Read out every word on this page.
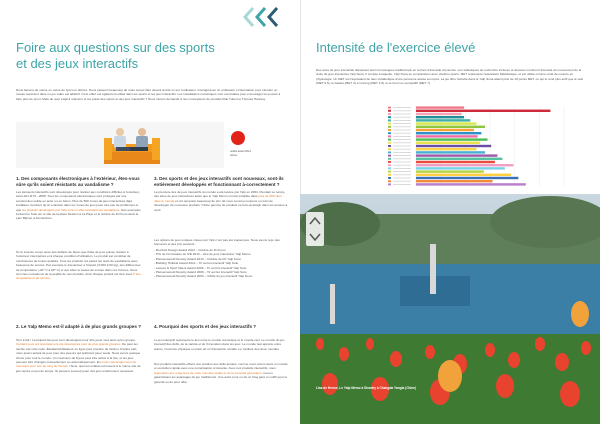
Foire aux questions sur des sports et des jeux interactifs

Nous faisons de même en mêne de sport en dehors. Nous passons beaucoup de notre temps libre devant la télé ou sur l'ordinateur. Interagit avec un ordinateur et fascination pour stimuler un niveau supérieur dans un jeu vidéo est addictif. C'est offert est également utilisé dans les sports et les jeux interactifs. Les installations numériques sont conviviales pour encourager les jeunes à faire plus de sport. Mais de quoi s'agit-il vraiment et les poids des sports et des jeux interactifs ? Nous l'avons demandé à nos concepteurs de produits Rob Tuitert et Thomas Hartong.

reddot award 2014
winner
1. Des composants électroniques à l'extérieur, êtes-vous sûre qu'ils soient résistants au vandalisme ?

Les éléments interactifs sont développés pour résister aux conditions difficiles à l'extérieur, selon EN 1176 - 2008. Tous les composants électroniques sont protégés par une construction solide en acier ou en béton. Plus de 500 zones de jeux interactives déjà installées montrent qu'un entretien dans les zones de jeux pose très peu de problèmes et que les produits développés par Yalp sont en effet résistants au vandalisme. Des exemples incluent le Sutu sur le site de la place Newton à La Haye et le cubicie de DJ Fono dans le parc Bijlmer à Amsterdam.

Si un invente conçu tente des défauts de façon que l'idée de jeux puisse résister à l'extérieur intempéries et à chaque condition d'utilisation. Le produit est constitué de nombreuses de toutes qualités. Tous les produits ont passé les tests de vandalisme avec beaucoup de succès. Par exemple le Interacteur a l'impact (3.000 à 50 kg), des différences de température (-40° C à 60° C) et aux abus et toutes de surtout dans ces bonnes. Nous sommes convaincus de la qualité de nos produits, donc chaque produit est livré avec 5 ans de garantie et de service.

2. Le Yalp Memo est-il adapté à de plus grands groupes ?

Tout à fait ! La plupart des jeux sont développés pour être jouer seul ainsi qu'en groupe. Certains jeux ont spécialement été développés pour de plus grands groupes. De peut les cacher par rotte celui. Étudiants/utilisateur en ligne pour prendre de l'action. D'autre part, nous avons autant de jeux pour des joueurs qui préfèrent jouer seule. Nous avons quelque chose pour tout le monde. Un maximum de 8 jeux peut être activé à la fois, et les jeux peuvent être changés manuellement ou automatiquement. En moins développement de nouveaux jeux tout au long de l'année ! Ainsi, quoi les enfants retrouvent à le même site de jeux après un jeu de temps. Ils peuvent souvent jouer des jeux entièrement nouveaux.

3. Des sports et des jeux interactifs sont nouveaux, sont-ils entièrement développés et fonctionnant à-correctement ?

La première des de jeux interactifs du monde a été lancée par Yalp en 2004. Pendant ce temps, des aires de jeux interactives telles que le Yalp Memo ont été installée dans plus de 500 sites dans le monde et ont remporté beaucoup de prix. Et nous sommes toujours en train de développer de nouveaux produits ! Notre gamme de produits ne fera qu'élargir dans les années à venir.

Les options de jeux uniques créées par Yalp n'ont pas été inaperçues. Nous avons reçu des honneurs et des prix suivants :

- Red Dot Design Award 2014 – Cubicie de DJ Fono
- Prix de l'innovation de IVE 2013 – Aire de jeux Interactive Yalp Memo
- Pleinenwereld Novelty Award 2013 – Cubicie de DJ Yalp Fono
- Building Holland Award 2012 – Tir au but interactif Yalp Sutu
- Leisure & Sport Talent Award 2009 – Tir au but interactif Yalp Sutu
- Pleinenwereld Novelty Award 2009 – Tir au but interactif Yalp Sutu
- Pleinenwereld Novelty Award 2004 – Vitrille du jeu interactif Yalp Nono
4. Pourquoi des sports et des jeux interactifs ?

Le jeu interactif représente le lien entre le monde numérique et le monde réel. Le monde du jeu interactif des défis, de la variété et de l'innovation dans les jeux. Le monde réel apporte entre autres, l'exercice physique en plein air et l'interaction sociale. Le meilleur des deux mondes.

Nos produits interactifs offrent une solution aux défis actuels, comme nous vivons dans un monde en évolution rapide avec une numérisation croissante. Avec nos produits interactifs, nous répondons aux exigences de cette nouvelle réalité et de la nouvelle génération, tout en garantissant les avantages du jeu traditionnel. Une autre pour ou de un blog géré ou suffit pour le général ou de pour offre.

Intensité de l'exercice élevé

Des aires de jeux interactifs dépassent leurs homologues traditionnels en termes d'intensité d'exercice. Les statistiques de recherche incluses ci-dessous montrent l'intensité du mouvement de la visite de jeux interactive Yalp Sona. Il compte à laquelle, Yalp Sona se comparaison avec d'autres sports. MET représente l'équivalent Métabolique, et est utilisé comme unité de mesure en physiologie. Un MET est l'équivalent de taux métabolique d'une personne assise au repos. La jeu libre l'activité dans le Yalp Sona atteint plus de 10 points MET, ce qui le rend plus actif que le vélo (MET 6,5), le basket (MET 4) a running (MET 4,6) ou le foot non-compétitif (MET 7).

Lisa de Henne, Le Yalp Memo à Shantry à Changda Yangla (Chine)
